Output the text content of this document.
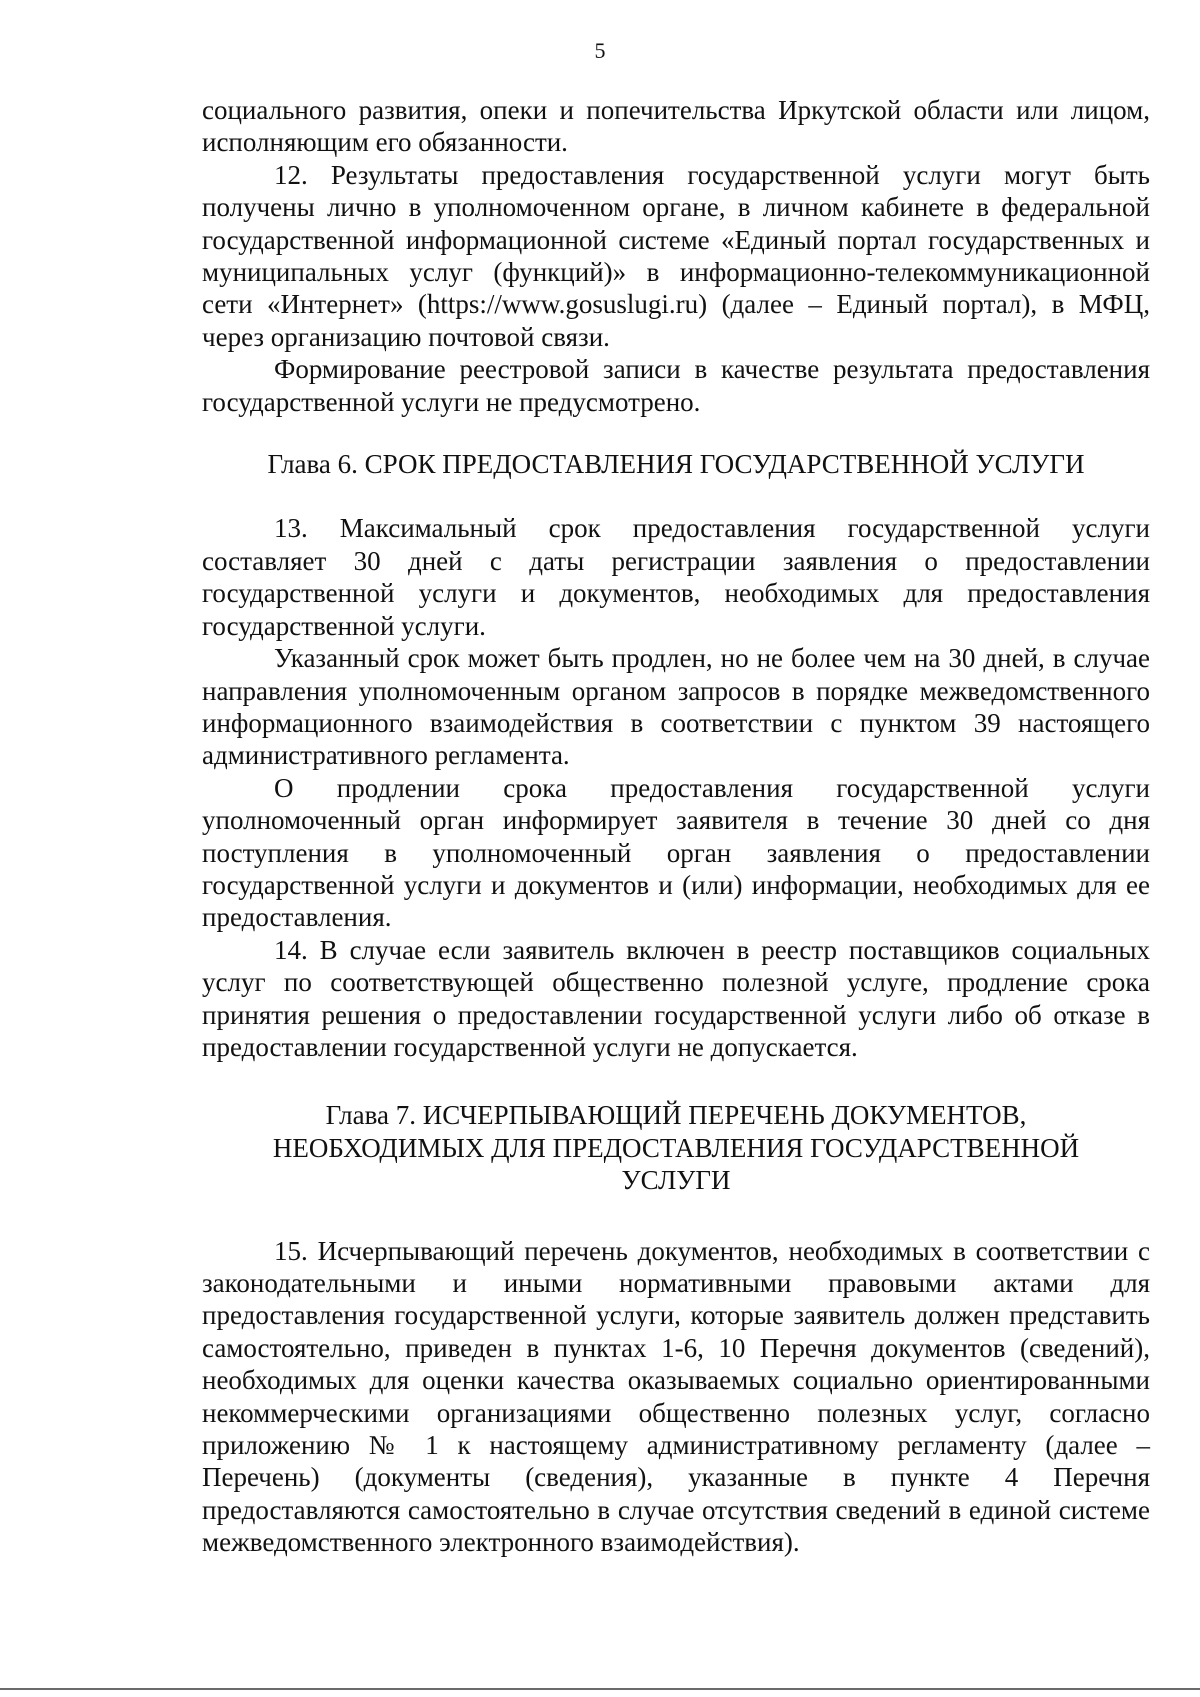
5

социального развития, опеки и попечительства Иркутской области или лицом, исполняющим его обязанности.

12. Результаты предоставления государственной услуги могут быть получены лично в уполномоченном органе, в личном кабинете в федеральной государственной информационной системе «Единый портал государственных и муниципальных услуг (функций)» в информационно-телекоммуникационной сети «Интернет» (https://www.gosuslugi.ru) (далее – Единый портал), в МФЦ, через организацию почтовой связи.

Формирование реестровой записи в качестве результата предоставления государственной услуги не предусмотрено.

Глава 6. СРОК ПРЕДОСТАВЛЕНИЯ ГОСУДАРСТВЕННОЙ УСЛУГИ

13. Максимальный срок предоставления государственной услуги составляет 30 дней с даты регистрации заявления о предоставлении государственной услуги и документов, необходимых для предоставления государственной услуги.

Указанный срок может быть продлен, но не более чем на 30 дней, в случае направления уполномоченным органом запросов в порядке межведомственного информационного взаимодействия в соответствии с пунктом 39 настоящего административного регламента.

О продлении срока предоставления государственной услуги уполномоченный орган информирует заявителя в течение 30 дней со дня поступления в уполномоченный орган заявления о предоставлении государственной услуги и документов и (или) информации, необходимых для ее предоставления.

14. В случае если заявитель включен в реестр поставщиков социальных услуг по соответствующей общественно полезной услуге, продление срока принятия решения о предоставлении государственной услуги либо об отказе в предоставлении государственной услуги не допускается.

Глава 7. ИСЧЕРПЫВАЮЩИЙ ПЕРЕЧЕНЬ ДОКУМЕНТОВ,
НЕОБХОДИМЫХ ДЛЯ ПРЕДОСТАВЛЕНИЯ ГОСУДАРСТВЕННОЙ
УСЛУГИ

15. Исчерпывающий перечень документов, необходимых в соответствии с законодательными и иными нормативными правовыми актами для предоставления государственной услуги, которые заявитель должен представить самостоятельно, приведен в пунктах 1-6, 10 Перечня документов (сведений), необходимых для оценки качества оказываемых социально ориентированными некоммерческими организациями общественно полезных услуг, согласно приложению № 1 к настоящему административному регламенту (далее – Перечень) (документы (сведения), указанные в пункте 4 Перечня предоставляются самостоятельно в случае отсутствия сведений в единой системе межведомственного электронного взаимодействия).
